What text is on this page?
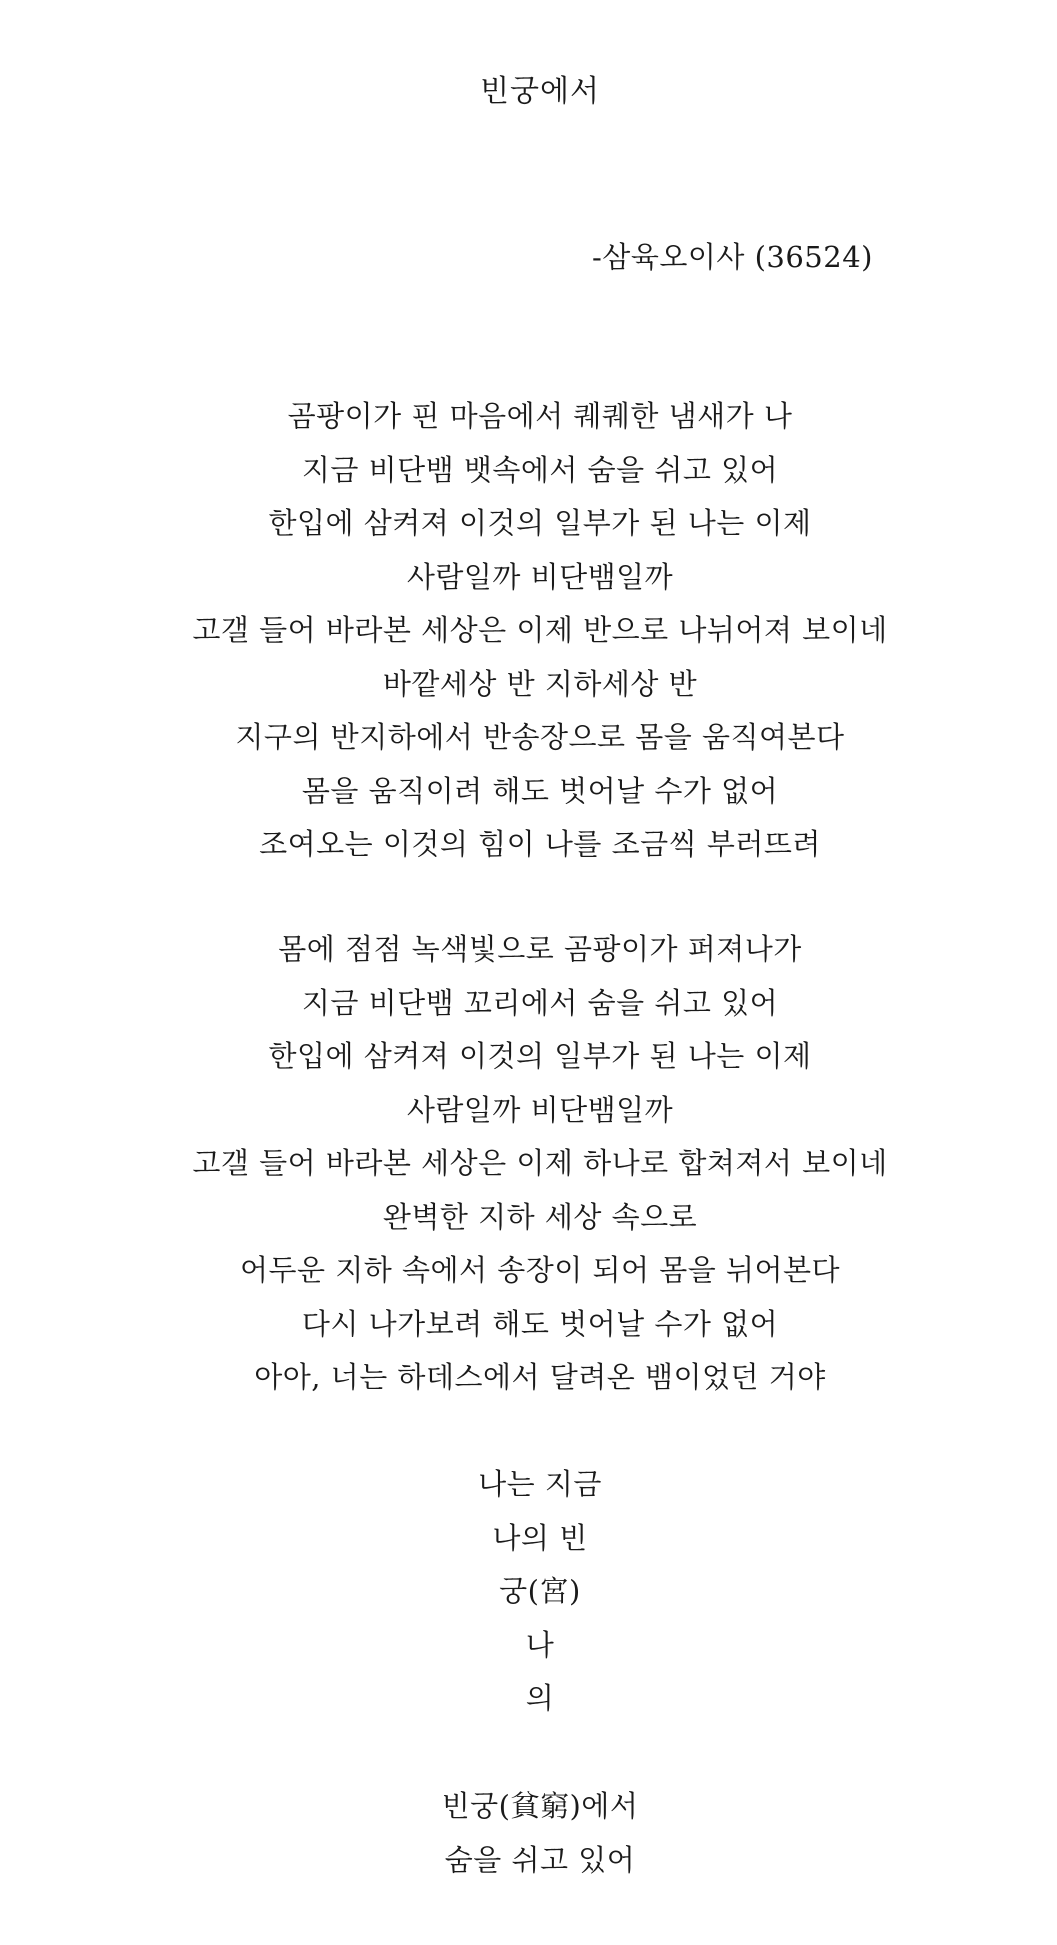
빈궁에서
-삼육오이사 (36524)
곰팡이가 핀 마음에서 퀘퀘한 냄새가 나
지금 비단뱀 뱃속에서 숨을 쉬고 있어
한입에 삼켜져 이것의 일부가 된 나는 이제
사람일까 비단뱀일까
고갤 들어 바라본 세상은 이제 반으로 나뉘어져 보이네
바깥세상 반 지하세상 반
지구의 반지하에서 반송장으로 몸을 움직여본다
몸을 움직이려 해도 벗어날 수가 없어
조여오는 이것의 힘이 나를 조금씩 부러뜨려
몸에 점점 녹색빛으로 곰팡이가 퍼져나가
지금 비단뱀 꼬리에서 숨을 쉬고 있어
한입에 삼켜져 이것의 일부가 된 나는 이제
사람일까 비단뱀일까
고갤 들어 바라본 세상은 이제 하나로 합쳐져서 보이네
완벽한 지하 세상 속으로
어두운 지하 속에서 송장이 되어 몸을 뉘어본다
다시 나가보려 해도 벗어날 수가 없어
아아, 너는 하데스에서 달려온 뱀이었던 거야
나는 지금
나의 빈
궁(宮)
나
의
빈궁(貧窮)에서
숨을 쉬고 있어
